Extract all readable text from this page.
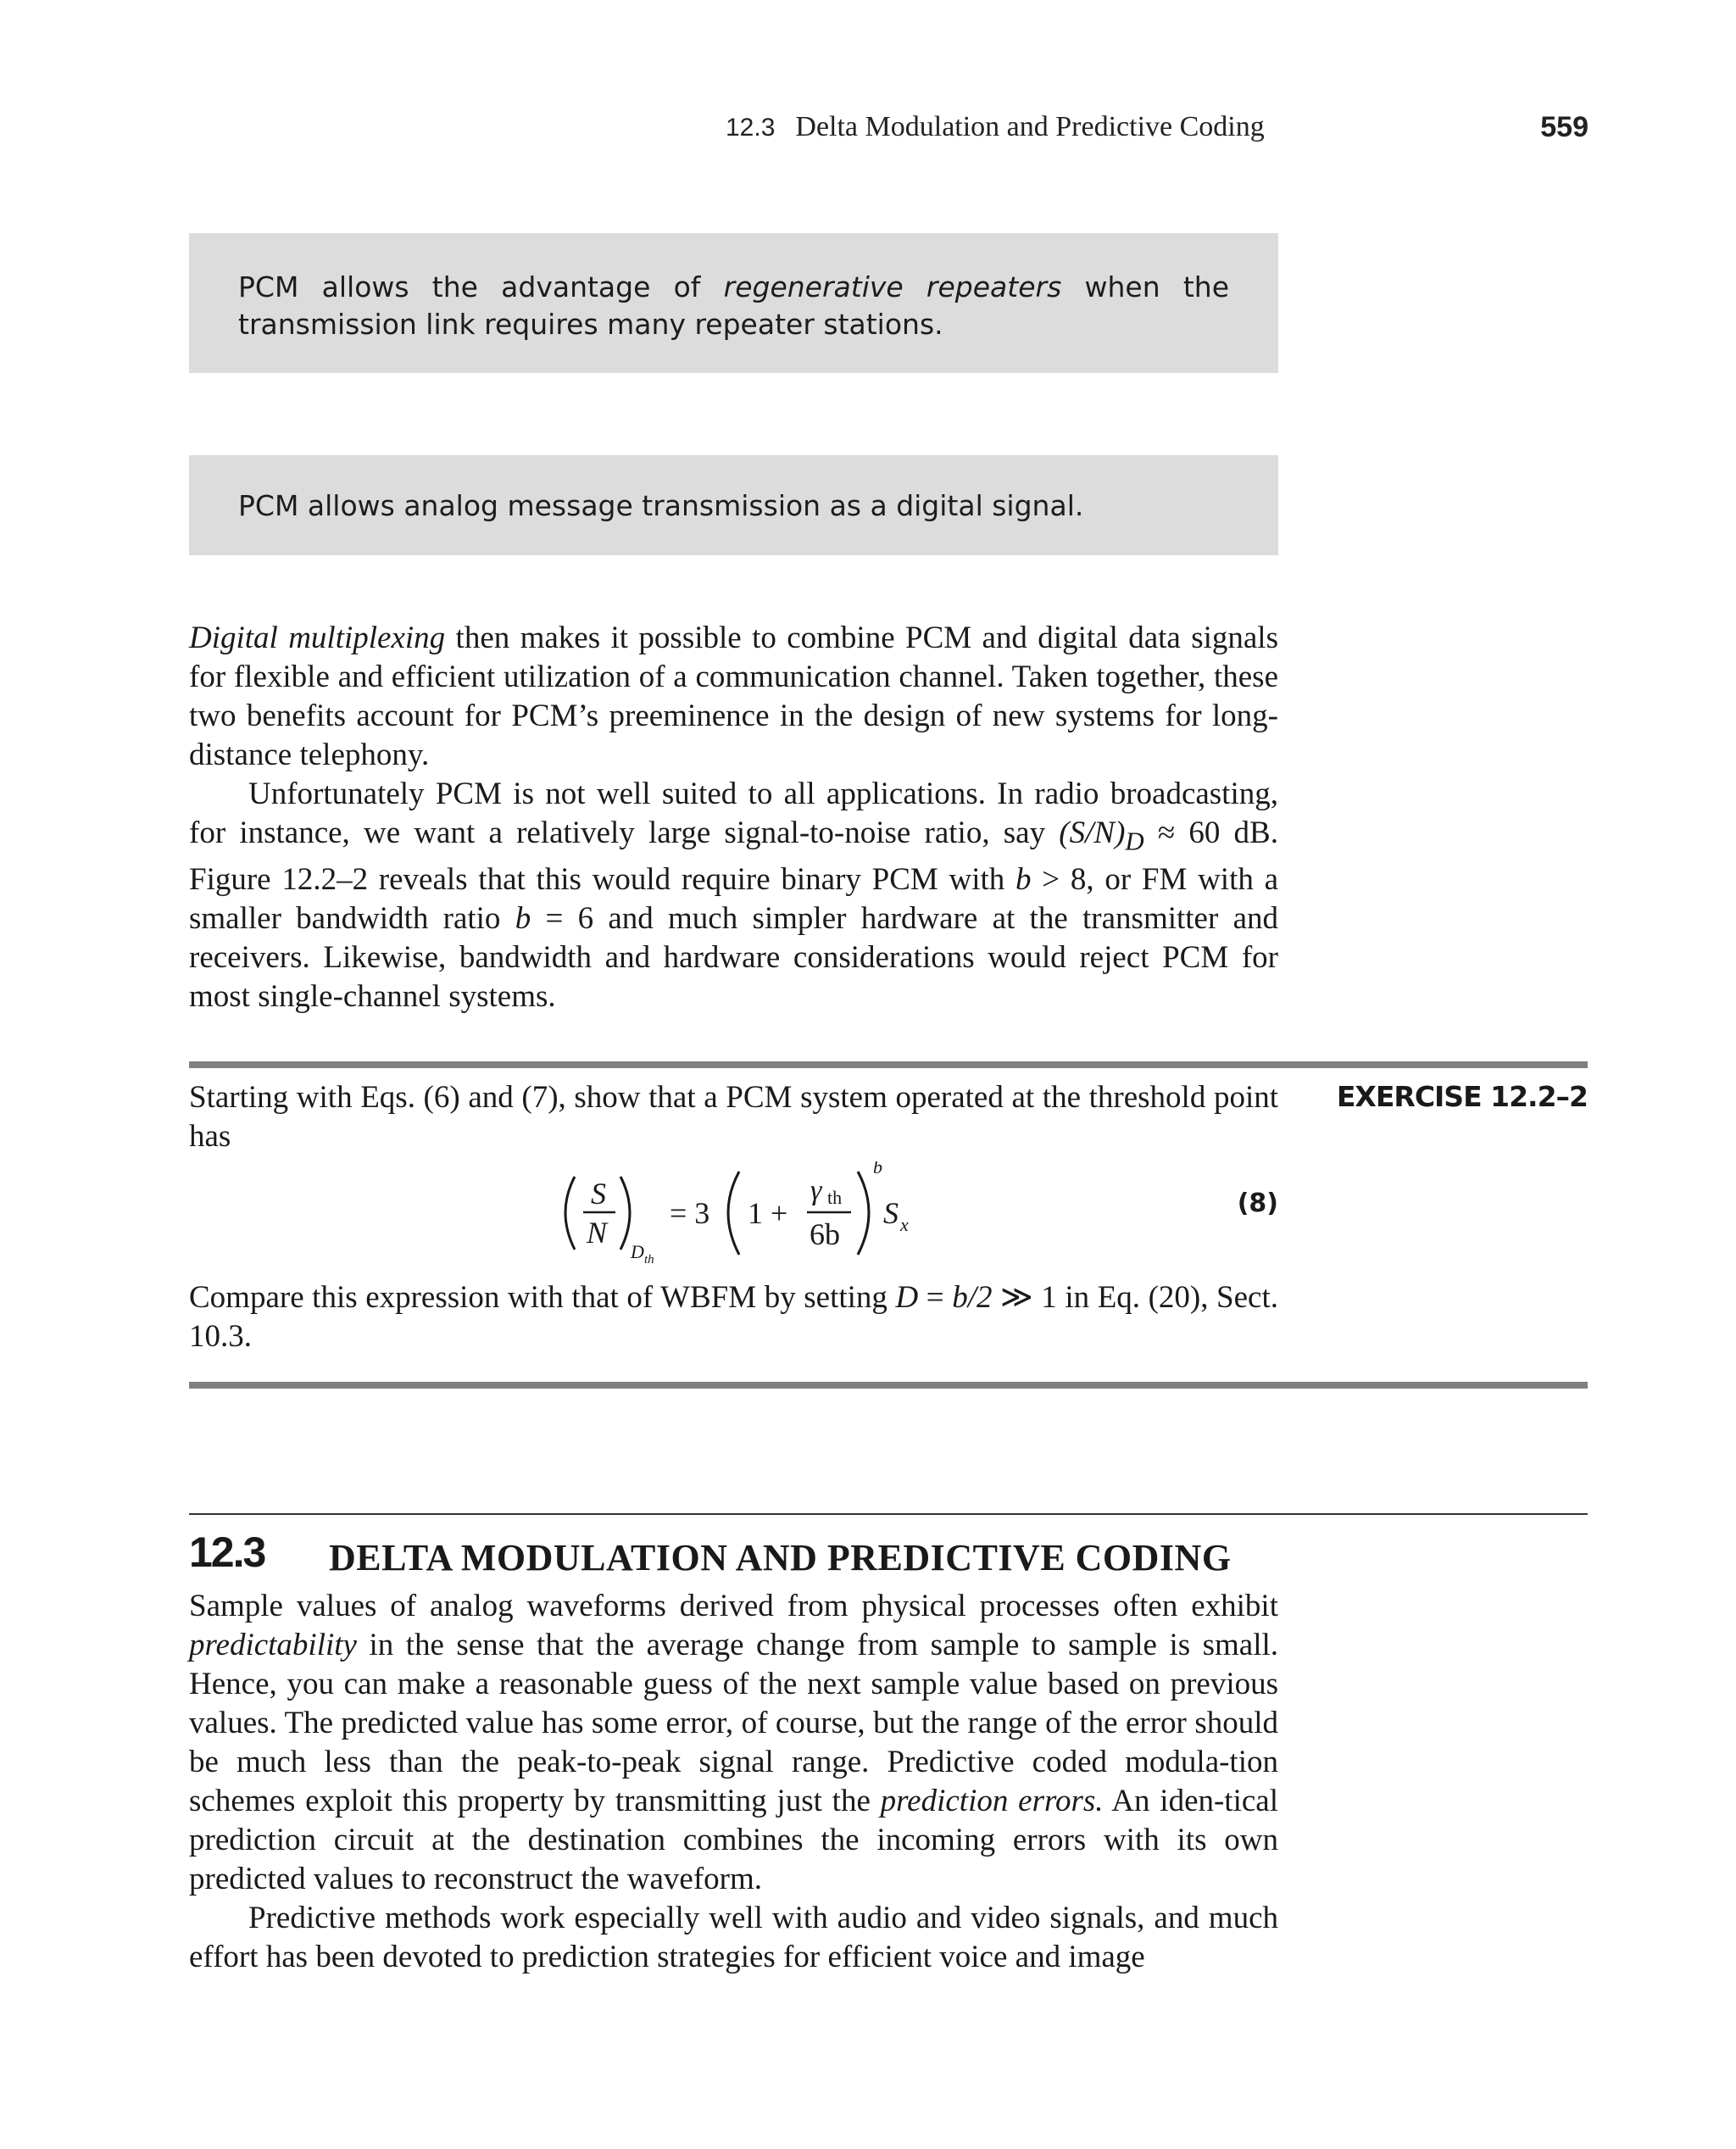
12.3 Delta Modulation and Predictive Coding	559
PCM allows the advantage of regenerative repeaters when the transmission link requires many repeater stations.
PCM allows analog message transmission as a digital signal.

Digital multiplexing then makes it possible to combine PCM and digital data signals for flexible and efficient utilization of a communication channel. Taken together, these two benefits account for PCM’s preeminence in the design of new systems for long-distance telephony.

Unfortunately PCM is not well suited to all applications. In radio broadcasting, for instance, we want a relatively large signal-to-noise ratio, say $(S/N)_D \approx 60$ dB. Figure 12.2–2 reveals that this would require binary PCM with b > 8, or FM with a smaller bandwidth ratio b = 6 and much simpler hardware at the transmitter and receivers. Likewise, bandwidth and hardware considerations would reject PCM for most single-channel systems.

Starting with Eqs. (6) and (7), show that a PCM system operated at the threshold point has
EXERCISE 12.2–2
S
N
D th
= 3 1 +
γ th
6b
b
S x
(8)
Compare this expression with that of WBFM by setting D = b/2 ≫ 1 in Eq. (20), Sect. 10.3.
12.3 DELTA MODULATION AND PREDICTIVE CODING

Sample values of analog waveforms derived from physical processes often exhibit predictability in the sense that the average change from sample to sample is small. Hence, you can make a reasonable guess of the next sample value based on previous values. The predicted value has some error, of course, but the range of the error should be much less than the peak-to-peak signal range. Predictive coded modula-tion schemes exploit this property by transmitting just the prediction errors. An iden-tical prediction circuit at the destination combines the incoming errors with its own predicted values to reconstruct the waveform.

Predictive methods work especially well with audio and video signals, and much effort has been devoted to prediction strategies for efficient voice and image
